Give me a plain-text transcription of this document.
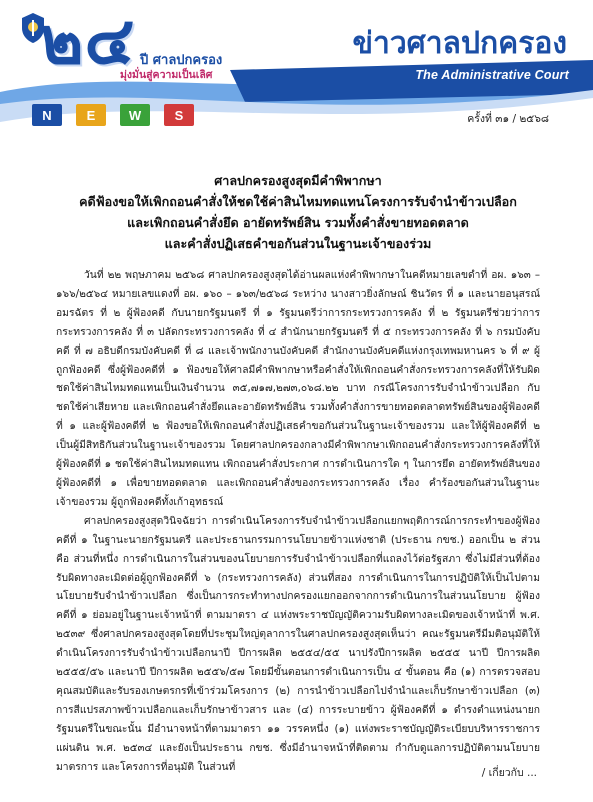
๒๔ ปี ศาลปกครอง
มุ่งมั่นสู่ความเป็นเลิศ
ข่าวศาลปกครอง
The Administrative Court
N	E	W	S	ครั้งที่ ๓๑ / ๒๕๖๘
ศาลปกครองสูงสุดมีคำพิพากษา
คดีฟ้องขอให้เพิกถอนคำสั่งให้ชดใช้ค่าสินไหมทดแทนโครงการรับจำนำข้าวเปลือก
และเพิกถอนคำสั่งยึด อายัดทรัพย์สิน รวมทั้งคำสั่งขายทอดตลาด
และคำสั่งปฏิเสธคำขอกันส่วนในฐานะเจ้าของร่วม

วันที่ ๒๒ พฤษภาคม ๒๕๖๘ ศาลปกครองสูงสุดได้อ่านผลแห่งคำพิพากษาในคดีหมายเลขดำที่ อผ. ๑๖๓ – ๑๖๖/๒๕๖๔ หมายเลขแดงที่ อผ. ๑๖๐ – ๑๖๓/๒๕๖๘ ระหว่าง นางสาวยิ่งลักษณ์ ชินวัตร ที่ ๑ และนายอนุสรณ์ อมรฉัตร ที่ ๒ ผู้ฟ้องคดี กับนายกรัฐมนตรี ที่ ๑ รัฐมนตรีว่าการกระทรวงการคลัง ที่ ๒ รัฐมนตรีช่วยว่าการกระทรวงการคลัง ที่ ๓ ปลัดกระทรวงการคลัง ที่ ๔ สำนักนายกรัฐมนตรี ที่ ๕ กระทรวงการคลัง ที่ ๖ กรมบังคับคดี ที่ ๗ อธิบดีกรมบังคับคดี ที่ ๘ และเจ้าพนักงานบังคับคดี สำนักงานบังคับคดีแห่งกรุงเทพมหานคร ๖ ที่ ๙ ผู้ถูกฟ้องคดี ซึ่งผู้ฟ้องคดีที่ ๑ ฟ้องขอให้ศาลมีคำพิพากษาหรือคำสั่งให้เพิกถอนคำสั่งกระทรวงการคลังที่ให้รับผิดชดใช้ค่าสินไหมทดแทนเป็นเงินจำนวน ๓๕,๗๑๗,๒๗๓,๐๖๘.๒๒ บาท กรณีโครงการรับจำนำข้าวเปลือก กับชดใช้ค่าเสียหาย และเพิกถอนคำสั่งยึดและอายัดทรัพย์สิน รวมทั้งคำสั่งการขายทอดตลาดทรัพย์สินของผู้ฟ้องคดีที่ ๑ และผู้ฟ้องคดีที่ ๒ ฟ้องขอให้เพิกถอนคำสั่งปฏิเสธคำขอกันส่วนในฐานะเจ้าของรวม และให้ผู้ฟ้องคดีที่ ๒ เป็นผู้มีสิทธิกันส่วนในฐานะเจ้าของรวม โดยศาลปกครองกลางมีคำพิพากษาเพิกถอนคำสั่งกระทรวงการคลังที่ให้ผู้ฟ้องคดีที่ ๑ ชดใช้ค่าสินไหมทดแทน เพิกถอนคำสั่งประกาศ การดำเนินการใด ๆ ในการยึด อายัดทรัพย์สินของผู้ฟ้องคดีที่ ๑ เพื่อขายทอดตลาด และเพิกถอนคำสั่งของกระทรวงการคลัง เรื่อง คำร้องขอกันส่วนในฐานะเจ้าของรวม ผู้ถูกฟ้องคดีทั้งเก้าอุทธรณ์

ศาลปกครองสูงสุดวินิจฉัยว่า การดำเนินโครงการรับจำนำข้าวเปลือกแยกพฤติการณ์การกระทำของผู้ฟ้องคดีที่ ๑ ในฐานะนายกรัฐมนตรี และประธานกรรมการนโยบายข้าวแห่งชาติ (ประธาน กขช.) ออกเป็น ๒ ส่วน คือ ส่วนที่หนึ่ง การดำเนินการในส่วนของนโยบายการรับจำนำข้าวเปลือกที่แถลงไว้ต่อรัฐสภา ซึ่งไม่มีส่วนที่ต้องรับผิดทางละเมิดต่อผู้ถูกฟ้องคดีที่ ๖ (กระทรวงการคลัง) ส่วนที่สอง การดำเนินการในการปฏิบัติให้เป็นไปตามนโยบายรับจำนำข้าวเปลือก ซึ่งเป็นการกระทำทางปกครองแยกออกจากการดำเนินการในส่วนนโยบาย ผู้ฟ้องคดีที่ ๑ ย่อมอยู่ในฐานะเจ้าหน้าที่ ตามมาตรา ๔ แห่งพระราชบัญญัติความรับผิดทางละเมิดของเจ้าหน้าที่ พ.ศ. ๒๕๓๙ ซึ่งศาลปกครองสูงสุดโดยที่ประชุมใหญ่ตุลาการในศาลปกครองสูงสุดเห็นว่า คณะรัฐมนตรีมีมติอนุมัติให้ดำเนินโครงการรับจำนำข้าวเปลือกนาปี ปีการผลิต ๒๕๕๔/๕๕ นาปรังปีการผลิต ๒๕๕๕ นาปี ปีการผลิต ๒๕๕๕/๕๖ และนาปี ปีการผลิต ๒๕๕๖/๕๗ โดยมีขั้นตอนการดำเนินการเป็น ๔ ขั้นตอน คือ (๑) การตรวจสอบคุณสมบัติและรับรองเกษตรกรที่เข้าร่วมโครงการ (๒) การนำข้าวเปลือกไปจำนำและเก็บรักษาข้าวเปลือก (๓) การสีแปรสภาพข้าวเปลือกและเก็บรักษาข้าวสาร และ (๔) การระบายข้าว ผู้ฟ้องคดีที่ ๑ ดำรงตำแหน่งนายกรัฐมนตรีในขณะนั้น มีอำนาจหน้าที่ตามมาตรา ๑๑ วรรคหนึ่ง (๑) แห่งพระราชบัญญัติระเบียบบริหารราชการแผ่นดิน พ.ศ. ๒๕๓๔ และยังเป็นประธาน กขช. ซึ่งมีอำนาจหน้าที่ติดตาม กำกับดูแลการปฏิบัติตามนโยบาย มาตรการ และโครงการที่อนุมัติ ในส่วนที่

/ เกี่ยวกับ ...
